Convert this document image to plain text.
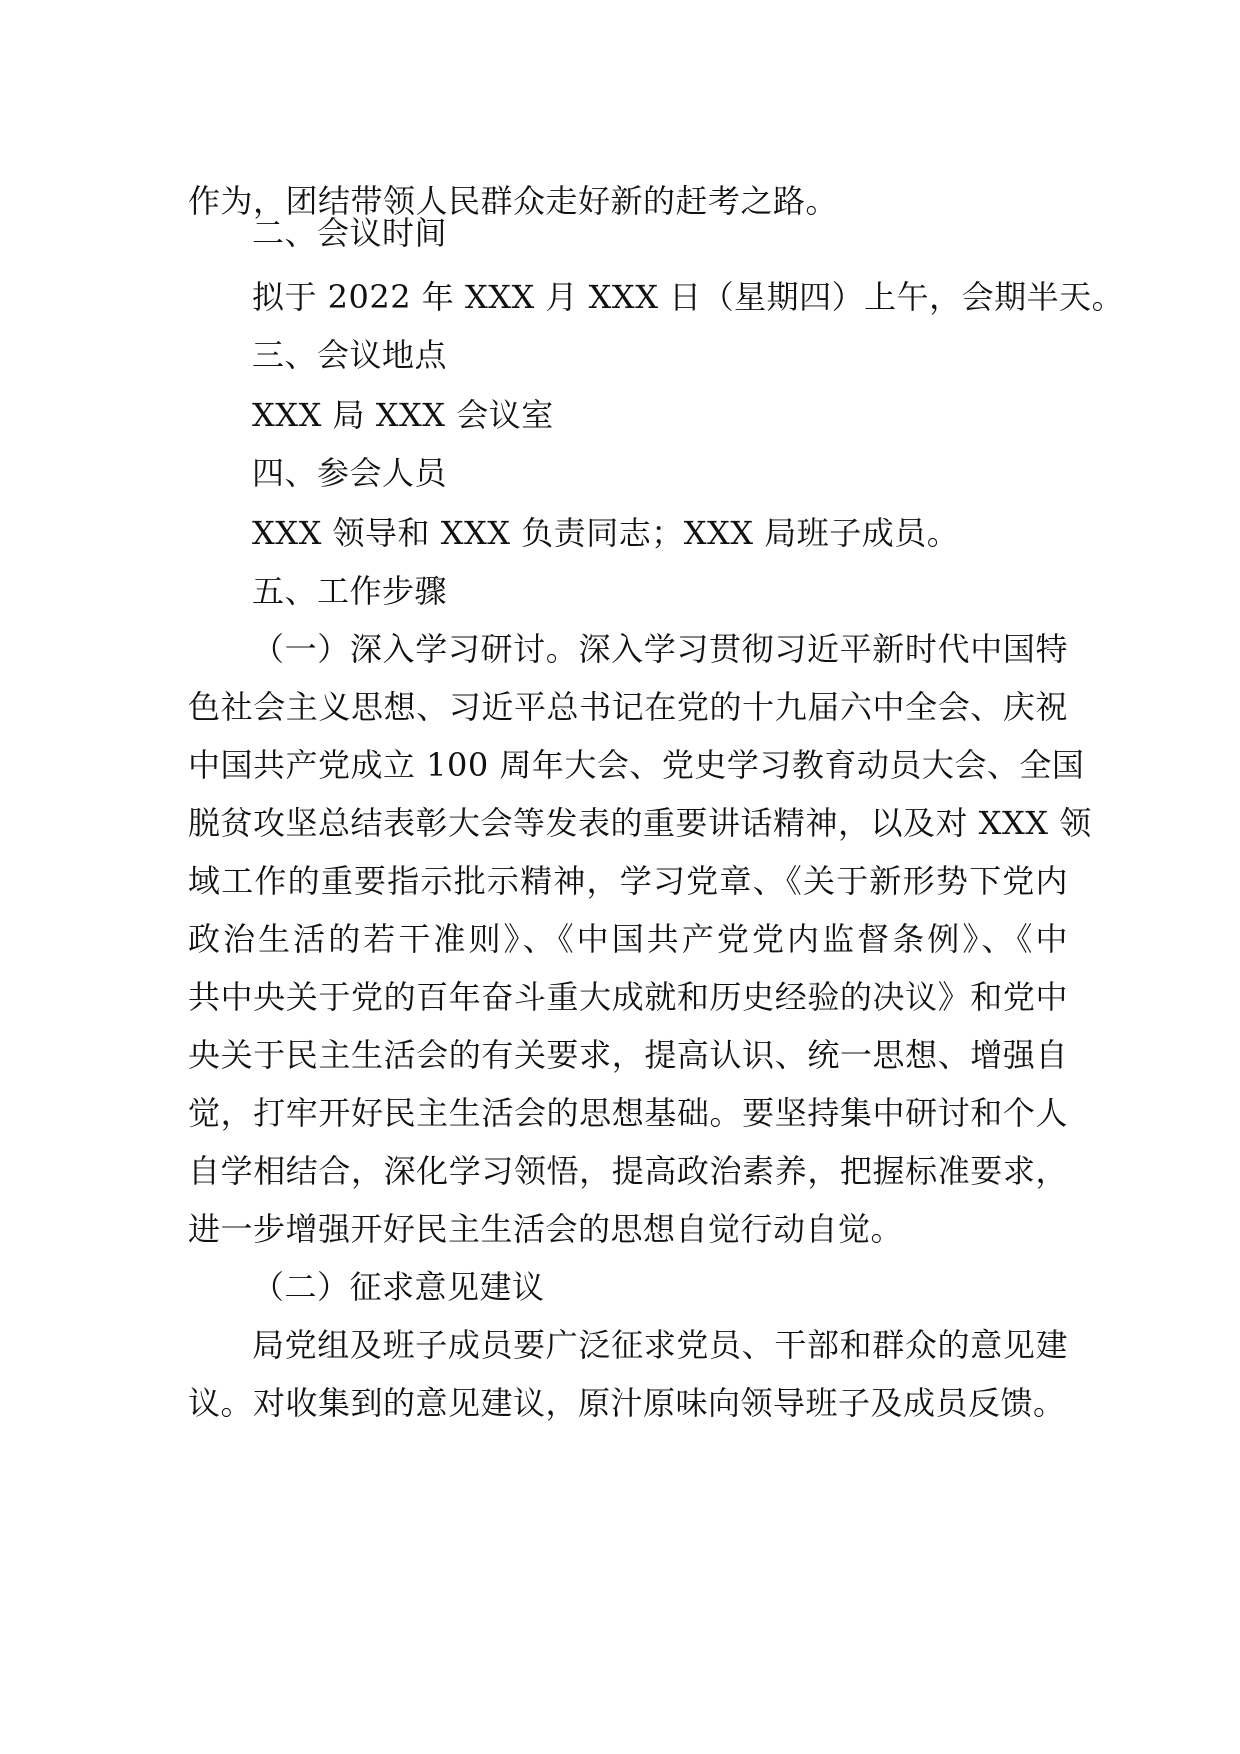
作为，团结带领人民群众走好新的赶考之路。
二、会议时间
拟于 2022 年 XXX 月 XXX 日（星期四）上午，会期半天。
三、会议地点
XXX 局 XXX 会议室
四、参会人员
XXX 领导和 XXX 负责同志；XXX 局班子成员。
五、工作步骤
（一）深入学习研讨。深入学习贯彻习近平新时代中国特
色社会主义思想、习近平总书记在党的十九届六中全会、庆祝
中国共产党成立 100 周年大会、党史学习教育动员大会、全国
脱贫攻坚总结表彰大会等发表的重要讲话精神，以及对 XXX 领
域工作的重要指示批示精神，学习党章、《关于新形势下党内
政治生活的若干准则》、《中国共产党党内监督条例》、《中
共中央关于党的百年奋斗重大成就和历史经验的决议》和党中
央关于民主生活会的有关要求，提高认识、统一思想、增强自
觉，打牢开好民主生活会的思想基础。要坚持集中研讨和个人
自学相结合，深化学习领悟，提高政治素养，把握标准要求，
进一步增强开好民主生活会的思想自觉行动自觉。
（二）征求意见建议
局党组及班子成员要广泛征求党员、干部和群众的意见建
议。对收集到的意见建议，原汁原味向领导班子及成员反馈。
